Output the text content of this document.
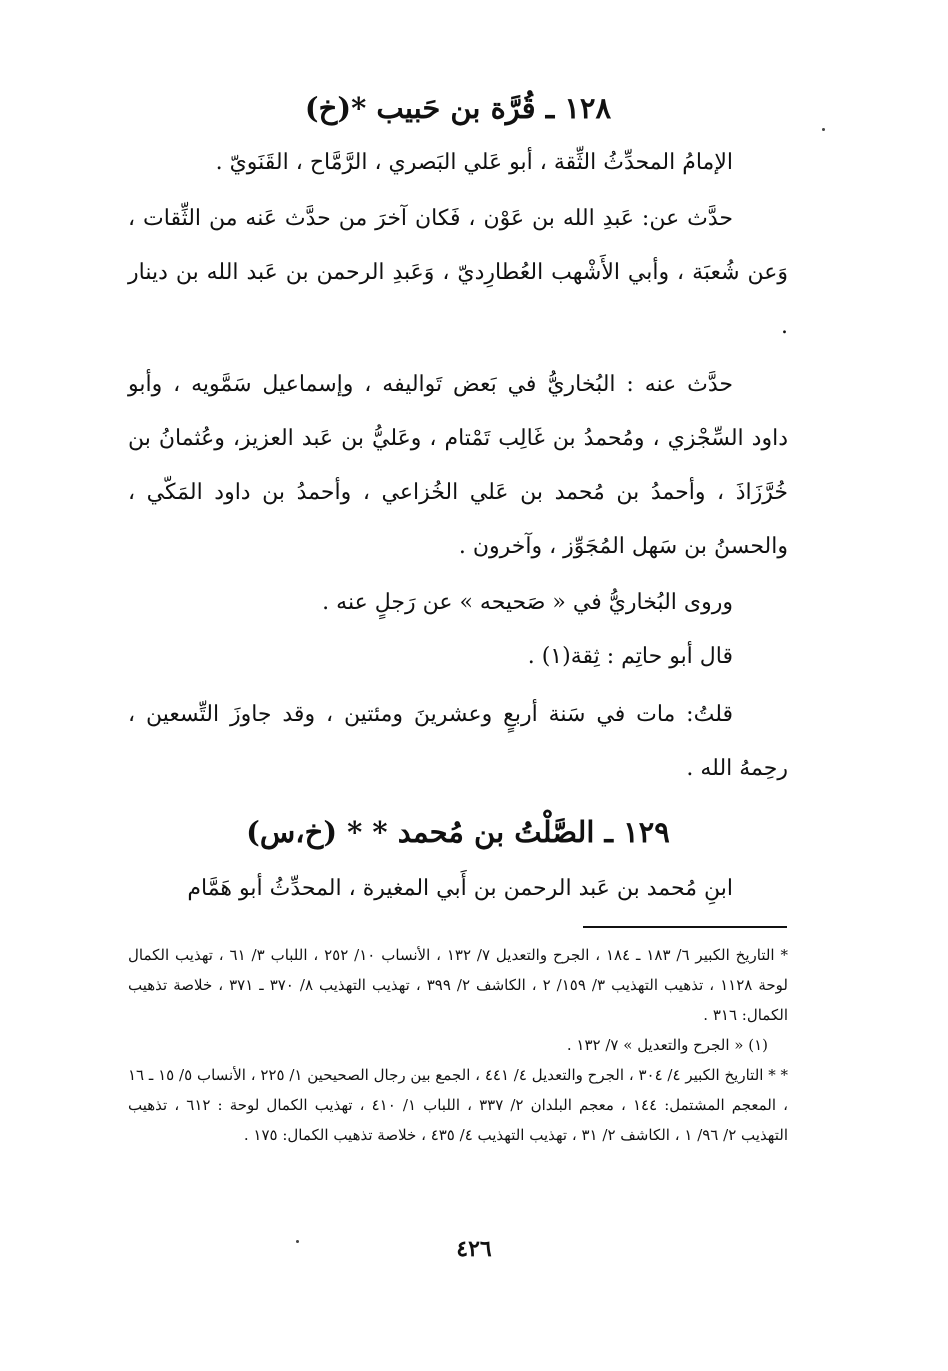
١٢٨ ـ قُرَّة بن حَبيب *(خ)

الإمامُ المحدِّثُ الثِّقة ، أبو عَلي البَصري ، الرَّمَّاح ، القَنَويّ .

حدَّث عن: عَبدِ الله بن عَوْن ، فَكان آخرَ من حدَّث عَنه من الثِّقات ، وَعن شُعبَة ، وأبي الأَشْهب العُطارِديّ ، وَعَبدِ الرحمن بن عَبد الله بن دينار .

حدَّث عنه : البُخاريُّ في بَعض تَواليفه ، وإسماعيل سَمَّويه ، وأبو داود السِّجْزي ، ومُحمدُ بن غَالِب تَمْتام ، وعَليُّ بن عَبد العزيز، وعُثمانُ بن خُرَّزَاذَ ، وأحمدُ بن مُحمد بن عَلي الخُزاعي ، وأحمدُ بن داود المَكّي ، والحسنُ بن سَهل المُجَوِّز ، وآخرون .

وروى البُخاريُّ في « صَحيحه » عن رَجلٍ عنه .

قال أبو حاتِم : ثِقة(١) .

قلتُ: مات في سَنة أربعٍ وعشرينَ ومئتين ، وقد جاوزَ التِّسعين ، رحِمهُ الله .

١٢٩ ـ الصَّلْتُ بن مُحمد * * (خ،س)

ابنِ مُحمد بن عَبد الرحمن بن أَبي المغيرة ، المحدِّثُ أبو هَمَّام

* التاريخ الكبير ٦/ ١٨٣ ـ ١٨٤ ، الجرح والتعديل ٧/ ١٣٢ ، الأنساب ١٠/ ٢٥٢ ، اللباب ٣/ ٦١ ، تهذيب الكمال لوحة ١١٢٨ ، تذهيب التهذيب ٣/ ١٥٩/ ٢ ، الكاشف ٢/ ٣٩٩ ، تهذيب التهذيب ٨/ ٣٧٠ ـ ٣٧١ ، خلاصة تذهيب الكمال: ٣١٦ .

(١) « الجرح والتعديل » ٧/ ١٣٢ .

* * التاريخ الكبير ٤/ ٣٠٤ ، الجرح والتعديل ٤/ ٤٤١ ، الجمع بين رجال الصحيحين ١/ ٢٢٥ ، الأنساب ٥/ ١٥ ـ ١٦ ، المعجم المشتمل: ١٤٤ ، معجم البلدان ٢/ ٣٣٧ ، اللباب ١/ ٤١٠ ، تهذيب الكمال لوحة : ٦١٢ ، تذهيب التهذيب ٢/ ٩٦/ ١ ، الكاشف ٢/ ٣١ ، تهذيب التهذيب ٤/ ٤٣٥ ، خلاصة تذهيب الكمال: ١٧٥ .

٤٢٦
